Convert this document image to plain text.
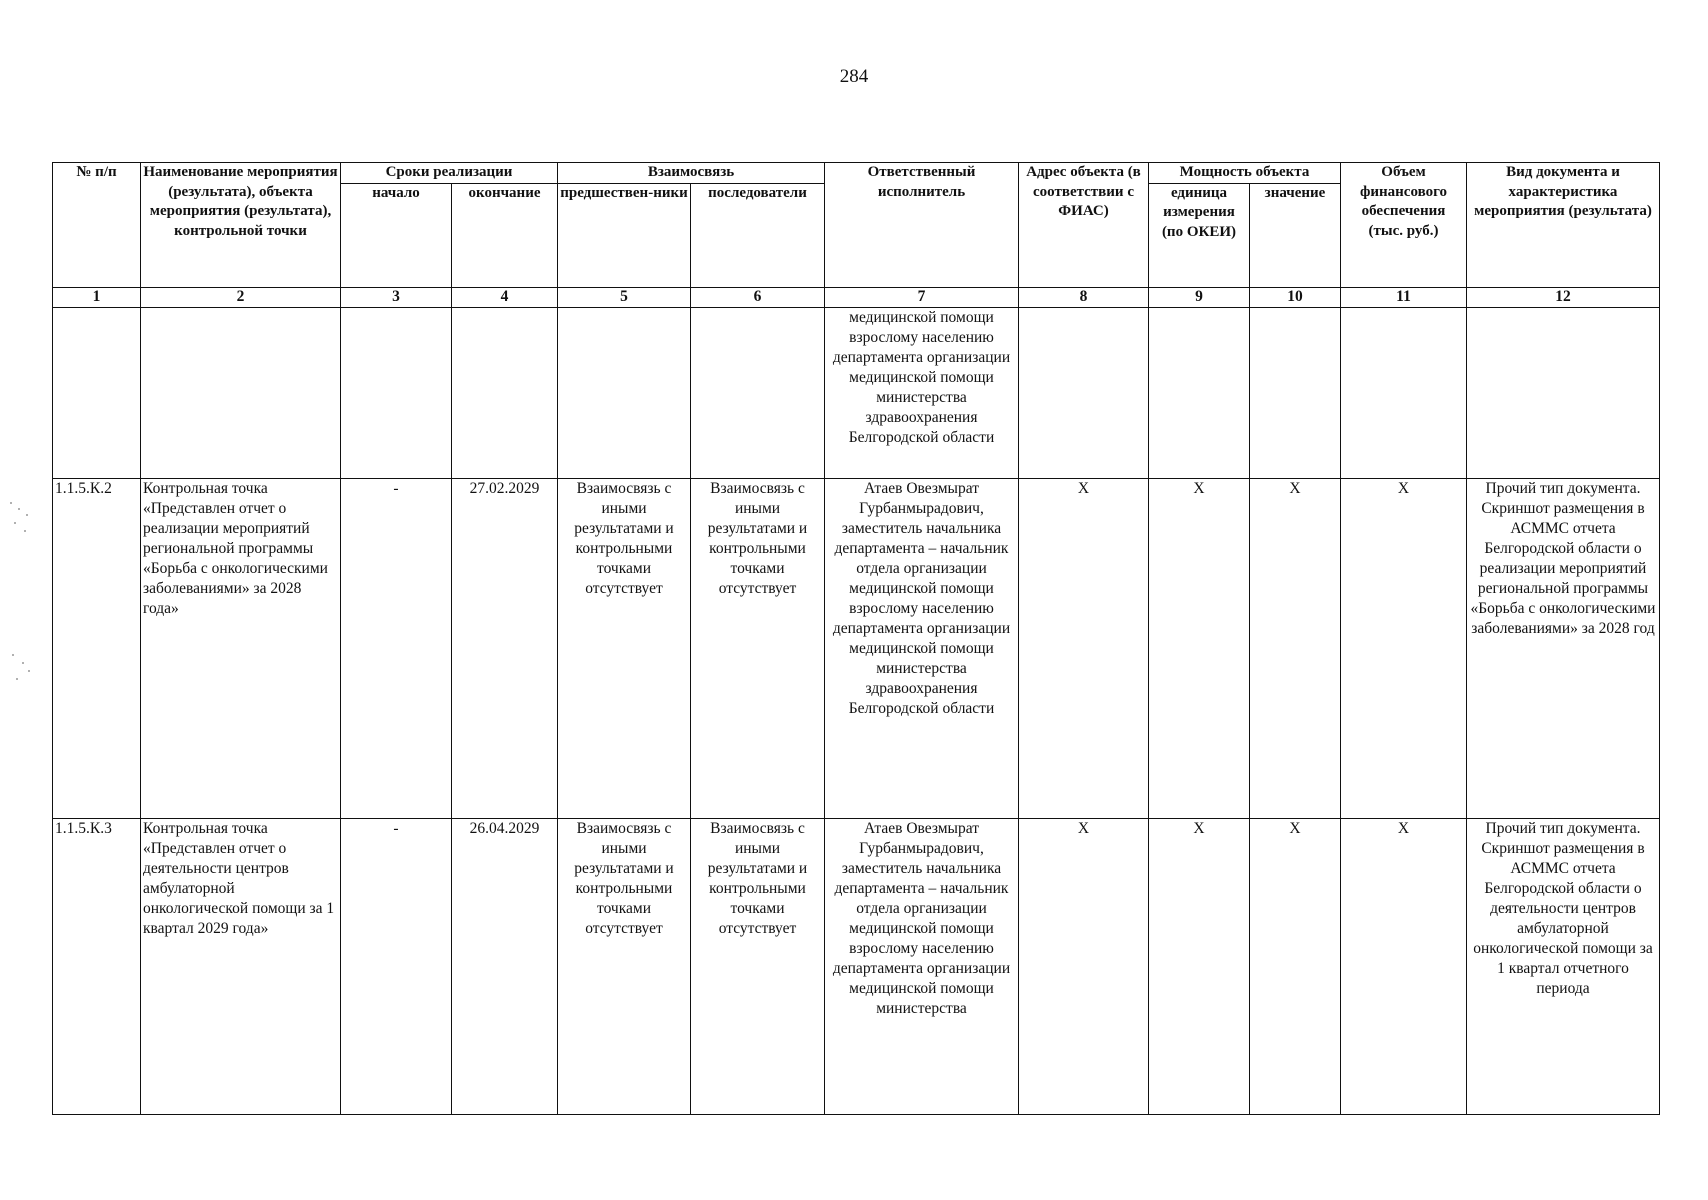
284
№ п/п	Наименование мероприятия (результата), объекта мероприятия (результата), контрольной точки	Сроки реализации		Взаимосвязь		Ответственный исполнитель	Адрес объекта (в соответствии с ФИАС)	Мощность объекта		Объем финансового обеспечения (тыс. руб.)	Вид документа и характеристика мероприятия (результата)
		начало	окончание	предшествен-ники	последователи			единица измерения (по ОКЕИ)	значение		
1	2	3	4	5	6	7	8	9	10	11	12
						медицинской помощи взрослому населению департамента организации медицинской помощи министерства здравоохранения Белгородской области					
1.1.5.К.2	Контрольная точка «Представлен отчет о реализации мероприятий региональной программы «Борьба с онкологическими заболеваниями» за 2028 года»	-	27.02.2029	Взаимосвязь с иными результатами и контрольными точками отсутствует	Взаимосвязь с иными результатами и контрольными точками отсутствует	Атаев Овезмырат Гурбанмырадович, заместитель начальника департамента – начальник отдела организации медицинской помощи взрослому населению департамента организации медицинской помощи министерства здравоохранения Белгородской области	X	X	X	X	Прочий тип документа. Скриншот размещения в АСММС отчета Белгородской области о реализации мероприятий региональной программы «Борьба с онкологическими заболеваниями» за 2028 год
1.1.5.К.3	Контрольная точка «Представлен отчет о деятельности центров амбулаторной онкологической помощи за 1 квартал 2029 года»	-	26.04.2029	Взаимосвязь с иными результатами и контрольными точками отсутствует	Взаимосвязь с иными результатами и контрольными точками отсутствует	Атаев Овезмырат Гурбанмырадович, заместитель начальника департамента – начальник отдела организации медицинской помощи взрослому населению департамента организации медицинской помощи министерства	X	X	X	X	Прочий тип документа. Скриншот размещения в АСММС отчета Белгородской области о деятельности центров амбулаторной онкологической помощи за 1 квартал отчетного периода
